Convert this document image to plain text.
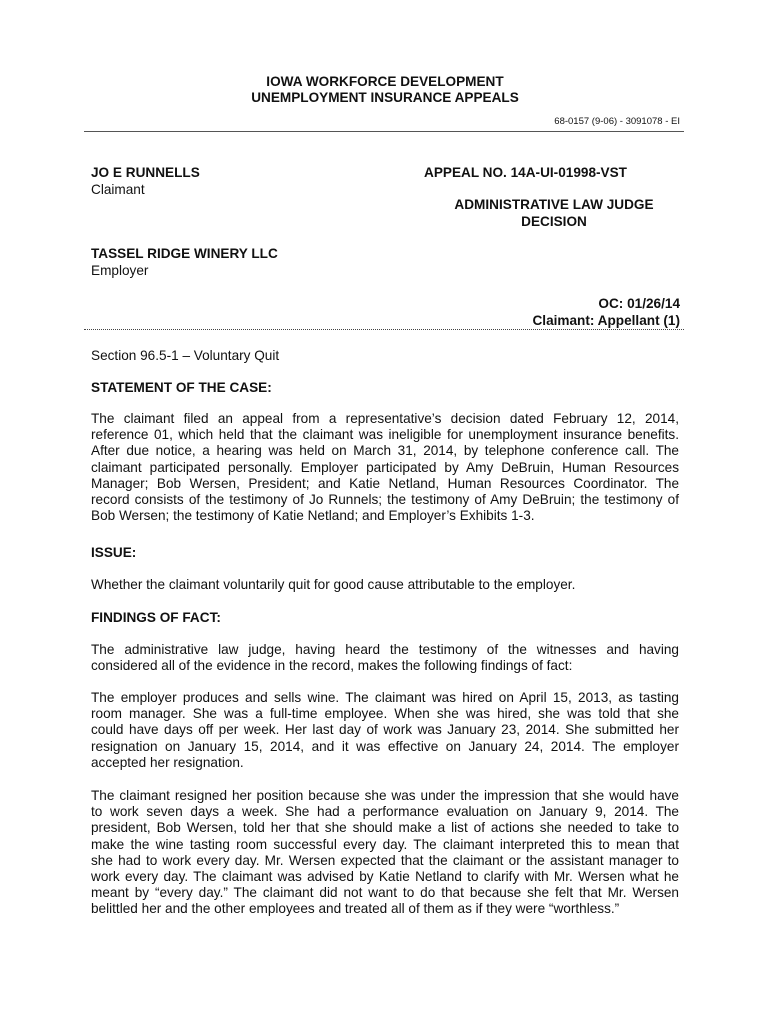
IOWA WORKFORCE DEVELOPMENT
UNEMPLOYMENT INSURANCE APPEALS
68-0157 (9-06) - 3091078 - EI
JO E RUNNELLS
Claimant
TASSEL RIDGE WINERY LLC
Employer
APPEAL NO. 14A-UI-01998-VST
ADMINISTRATIVE LAW JUDGE
DECISION
OC: 01/26/14
Claimant: Appellant (1)
Section 96.5-1 – Voluntary Quit
STATEMENT OF THE CASE:
The claimant filed an appeal from a representative’s decision dated February 12, 2014,
reference 01, which held that the claimant was ineligible for unemployment insurance benefits.
After due notice, a hearing was held on March 31, 2014, by telephone conference call. The
claimant participated personally. Employer participated by Amy DeBruin, Human Resources
Manager; Bob Wersen, President; and Katie Netland, Human Resources Coordinator. The
record consists of the testimony of Jo Runnels; the testimony of Amy DeBruin; the testimony of
Bob Wersen; the testimony of Katie Netland; and Employer’s Exhibits 1-3.
ISSUE:
Whether the claimant voluntarily quit for good cause attributable to the employer.
FINDINGS OF FACT:
The administrative law judge, having heard the testimony of the witnesses and having
considered all of the evidence in the record, makes the following findings of fact:
The employer produces and sells wine. The claimant was hired on April 15, 2013, as tasting
room manager. She was a full-time employee. When she was hired, she was told that she
could have days off per week. Her last day of work was January 23, 2014. She submitted her
resignation on January 15, 2014, and it was effective on January 24, 2014. The employer
accepted her resignation.
The claimant resigned her position because she was under the impression that she would have
to work seven days a week. She had a performance evaluation on January 9, 2014. The
president, Bob Wersen, told her that she should make a list of actions she needed to take to
make the wine tasting room successful every day. The claimant interpreted this to mean that
she had to work every day. Mr. Wersen expected that the claimant or the assistant manager to
work every day. The claimant was advised by Katie Netland to clarify with Mr. Wersen what he
meant by “every day.” The claimant did not want to do that because she felt that Mr. Wersen
belittled her and the other employees and treated all of them as if they were “worthless.”
